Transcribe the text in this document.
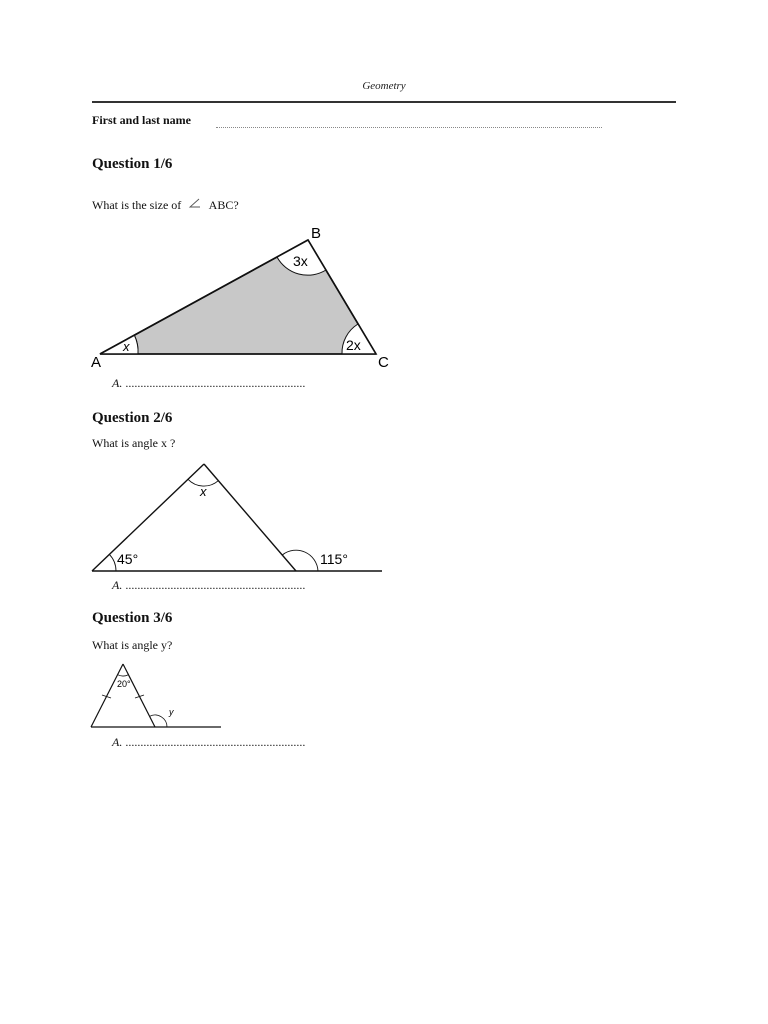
Geometry
First and last name
Question 1/6
What is the size of ABC?
A
B
C
x
3x
2x
A. ............................................................
Question 2/6
What is angle x ?
45°
x
115°
A. ............................................................
Question 3/6
What is angle y?
20°
y
A. ............................................................
